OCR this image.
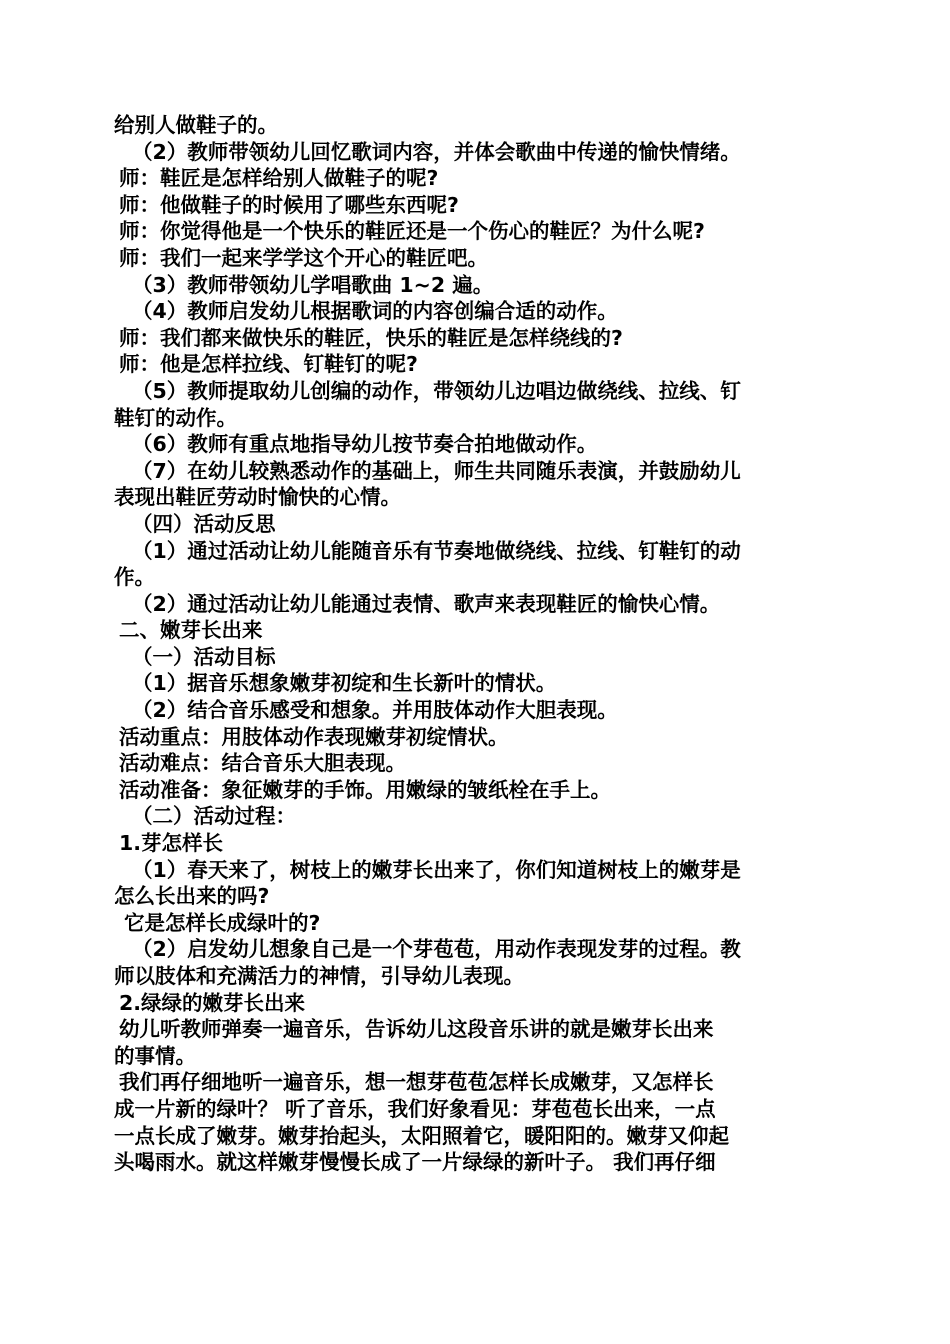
给别人做鞋子的。
（2）教师带领幼儿回忆歌词内容，并体会歌曲中传递的愉快情绪。
师：鞋匠是怎样给别人做鞋子的呢?
师：他做鞋子的时候用了哪些东西呢?
师：你觉得他是一个快乐的鞋匠还是一个伤心的鞋匠？为什么呢?
师：我们一起来学学这个开心的鞋匠吧。
（3）教师带领幼儿学唱歌曲 1~2 遍。
（4）教师启发幼儿根据歌词的内容创编合适的动作。
师：我们都来做快乐的鞋匠，快乐的鞋匠是怎样绕线的?
师：他是怎样拉线、钉鞋钉的呢?
（5）教师提取幼儿创编的动作，带领幼儿边唱边做绕线、拉线、钉
鞋钉的动作。
（6）教师有重点地指导幼儿按节奏合拍地做动作。
（7）在幼儿较熟悉动作的基础上，师生共同随乐表演，并鼓励幼儿
表现出鞋匠劳动时愉快的心情。
（四）活动反思
（1）通过活动让幼儿能随音乐有节奏地做绕线、拉线、钉鞋钉的动
作。
（2）通过活动让幼儿能通过表情、歌声来表现鞋匠的愉快心情。
二、嫩芽长出来
（一）活动目标
（1）据音乐想象嫩芽初绽和生长新叶的情状。
（2）结合音乐感受和想象。并用肢体动作大胆表现。
活动重点：用肢体动作表现嫩芽初绽情状。
活动难点：结合音乐大胆表现。
活动准备：象征嫩芽的手饰。用嫩绿的皱纸栓在手上。
（二）活动过程：
1.芽怎样长
（1）春天来了，树枝上的嫩芽长出来了，你们知道树枝上的嫩芽是
怎么长出来的吗?
它是怎样长成绿叶的?
（2）启发幼儿想象自己是一个芽苞苞，用动作表现发芽的过程。教
师以肢体和充满活力的神情，引导幼儿表现。
2.绿绿的嫩芽长出来
幼儿听教师弹奏一遍音乐，告诉幼儿这段音乐讲的就是嫩芽长出来
的事情。
我们再仔细地听一遍音乐，想一想芽苞苞怎样长成嫩芽，又怎样长
成一片新的绿叶？ 听了音乐，我们好象看见：芽苞苞长出来，一点
一点长成了嫩芽。嫩芽抬起头，太阳照着它，暖阳阳的。嫩芽又仰起
头喝雨水。就这样嫩芽慢慢长成了一片绿绿的新叶子。 我们再仔细
